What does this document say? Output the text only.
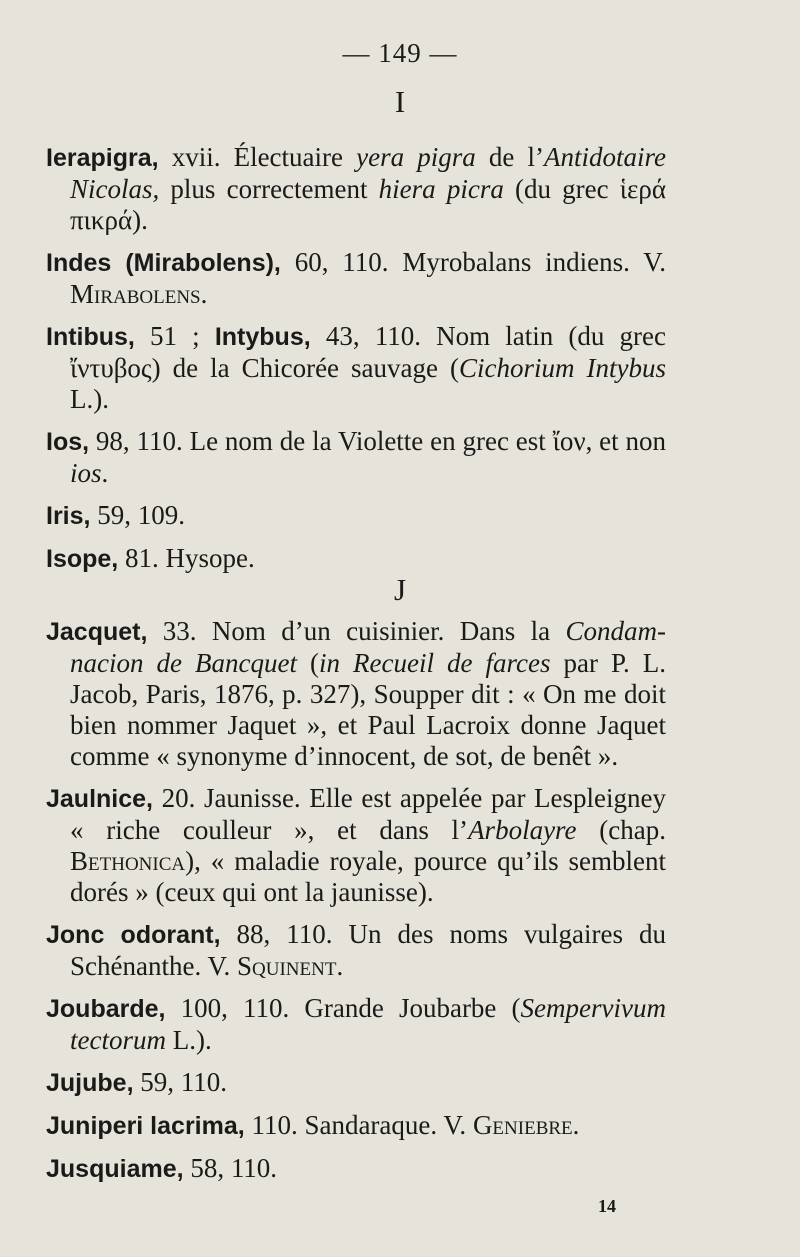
— 149 —
I

Ierapigra, xvii. Électuaire yera pigra de l’Antidotaire Nicolas, plus correctement hiera picra (du grec ἱερά πικρά).

Indes (Mirabolens), 60, 110. Myrobalans indiens. V. Mirabolens.

Intibus, 51 ; Intybus, 43, 110. Nom latin (du grec ἴντυβος) de la Chicorée sauvage (Cichorium Intybus L.).

Ios, 98, 110. Le nom de la Violette en grec est ἴον, et non ios.

Iris, 59, 109.

Isope, 81. Hysope.

J

Jacquet, 33. Nom d’un cuisinier. Dans la Condamnacion de Bancquet (in Recueil de farces par P. L. Jacob, Paris, 1876, p. 327), Soupper dit : « On me doit bien nommer Jaquet », et Paul Lacroix donne Jaquet comme « synonyme d’innocent, de sot, de benêt ».

Jaulnice, 20. Jaunisse. Elle est appelée par Lespleigney « riche coulleur », et dans l’Arbolayre (chap. Bethonica), « maladie royale, pource qu’ils semblent dorés » (ceux qui ont la jaunisse).

Jonc odorant, 88, 110. Un des noms vulgaires du Schénanthe. V. Squinent.

Joubarde, 100, 110. Grande Joubarbe (Sempervivum tectorum L.).

Jujube, 59, 110.

Juniperi lacrima, 110. Sandaraque. V. Geniebre.

Jusquiame, 58, 110.

14
